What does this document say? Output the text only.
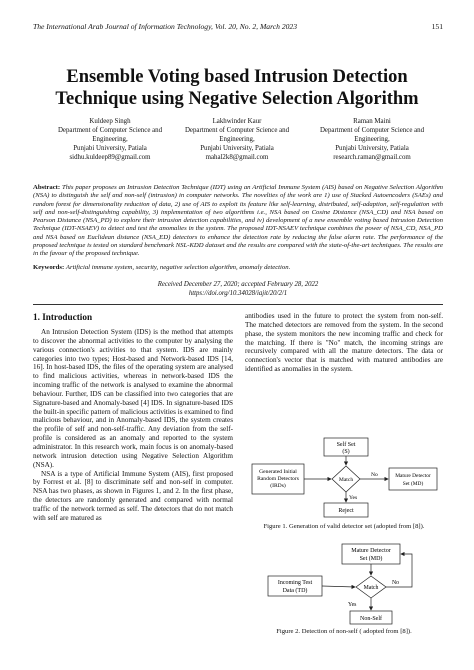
The International Arab Journal of Information Technology, Vol. 20, No. 2, March 2023	151
Ensemble Voting based Intrusion Detection
Technique using Negative Selection Algorithm
Kuldeep Singh
Department of Computer Science and
Engineering,
Punjabi University, Patiala
sidhu.kuldeep89@gmail.com
Lakhwinder Kaur
Department of Computer Science and
Engineering,
Punjabi University, Patiala
mahal2k8@gmail.com
Raman Maini
Department of Computer Science and
Engineering,
Punjabi University, Patiala
research.raman@gmail.com
Abstract: This paper proposes an Intrusion Detection Technique (IDT) using an Artificial Immune System (AIS) based on Negative Selection Algorithm (NSA) to distinguish the self and non-self (intrusion) in computer networks. The novelties of the work are 1) use of Stacked Autoencoders (SAEs) and random forest for dimensionality reduction of data, 2) use of AIS to exploit its feature like self-learning, distributed, self-adaption, self-regulation with self and non-self-distinguishing capability, 3) implementation of two algorithms i.e., NSA based on Cosine Distance (NSA_CD) and NSA based on Pearson Distance (NSA_PD) to explore their intrusion detection capabilities, and iv) development of a new ensemble voting based Intrusion Detection Technique (IDT-NSAEV) to detect and test the anomalies in the system. The proposed IDT-NSAEV technique combines the power of NSA_CD, NSA_PD and NSA based on Euclidean distance (NSA_ED) detectors to enhance the detection rate by reducing the false alarm rate. The performance of the proposed technique is tested on standard benchmark NSL-KDD dataset and the results are compared with the state-of-the-art techniques. The results are in the favour of the proposed technique.
Keywords: Artificial immune system, security, negative selection algorithm, anomaly detection.
Received December 27, 2020; accepted February 28, 2022
https://doi.org/10.34028/iajit/20/2/1
1. Introduction

An Intrusion Detection System (IDS) is the method that attempts to discover the abnormal activities to the computer by analysing the various connection's activities to that system. IDS are mainly categories into two types; Host-based and Network-based IDS [14, 16]. In host-based IDS, the files of the operating system are analysed to find malicious activities, whereas in network-based IDS the incoming traffic of the network is analysed to examine the abnormal behaviour. Further, IDS can be classified into two categories that are Signature-based and Anomaly-based [4] IDS. In signature-based IDS the built-in specific pattern of malicious activities is examined to find malicious behaviour, and in Anomaly-based IDS, the system creates the profile of self and non-self-traffic. Any deviation from the self-profile is considered as an anomaly and reported to the system administrator. In this research work, main focus is on anomaly-based network intrusion detection using Negative Selection Algorithm (NSA).

NSA is a type of Artificial Immune System (AIS), first proposed by Forrest et al. [8] to discriminate self and non-self in computer. NSA has two phases, as shown in Figures 1, and 2. In the first phase, the detectors are randomly generated and compared with normal traffic of the network termed as self. The detectors that do not match with self are matured as

antibodies used in the future to protect the system from non-self. The matched detectors are removed from the system. In the second phase, the system monitors the new incoming traffic and check for the matching. If there is "No" match, the incoming strings are recursively compared with all the mature detectors. The data or connection's vector that is matched with matured antibodies are identified as anomalies in the system.

Self Set
(S)
Generated Initial
Random Detectors
(IRDs)
Match
No	Mature Detector
Set (MD)
Yes
Reject
Figure 1. Generation of valid detector set (adopted from [8]).
Mature Detector
Set (MD)
Incoming Test
Data (TD)	Match
No
Yes
Non-Self
Figure 2. Detection of non-self ( adopted from [8]).
